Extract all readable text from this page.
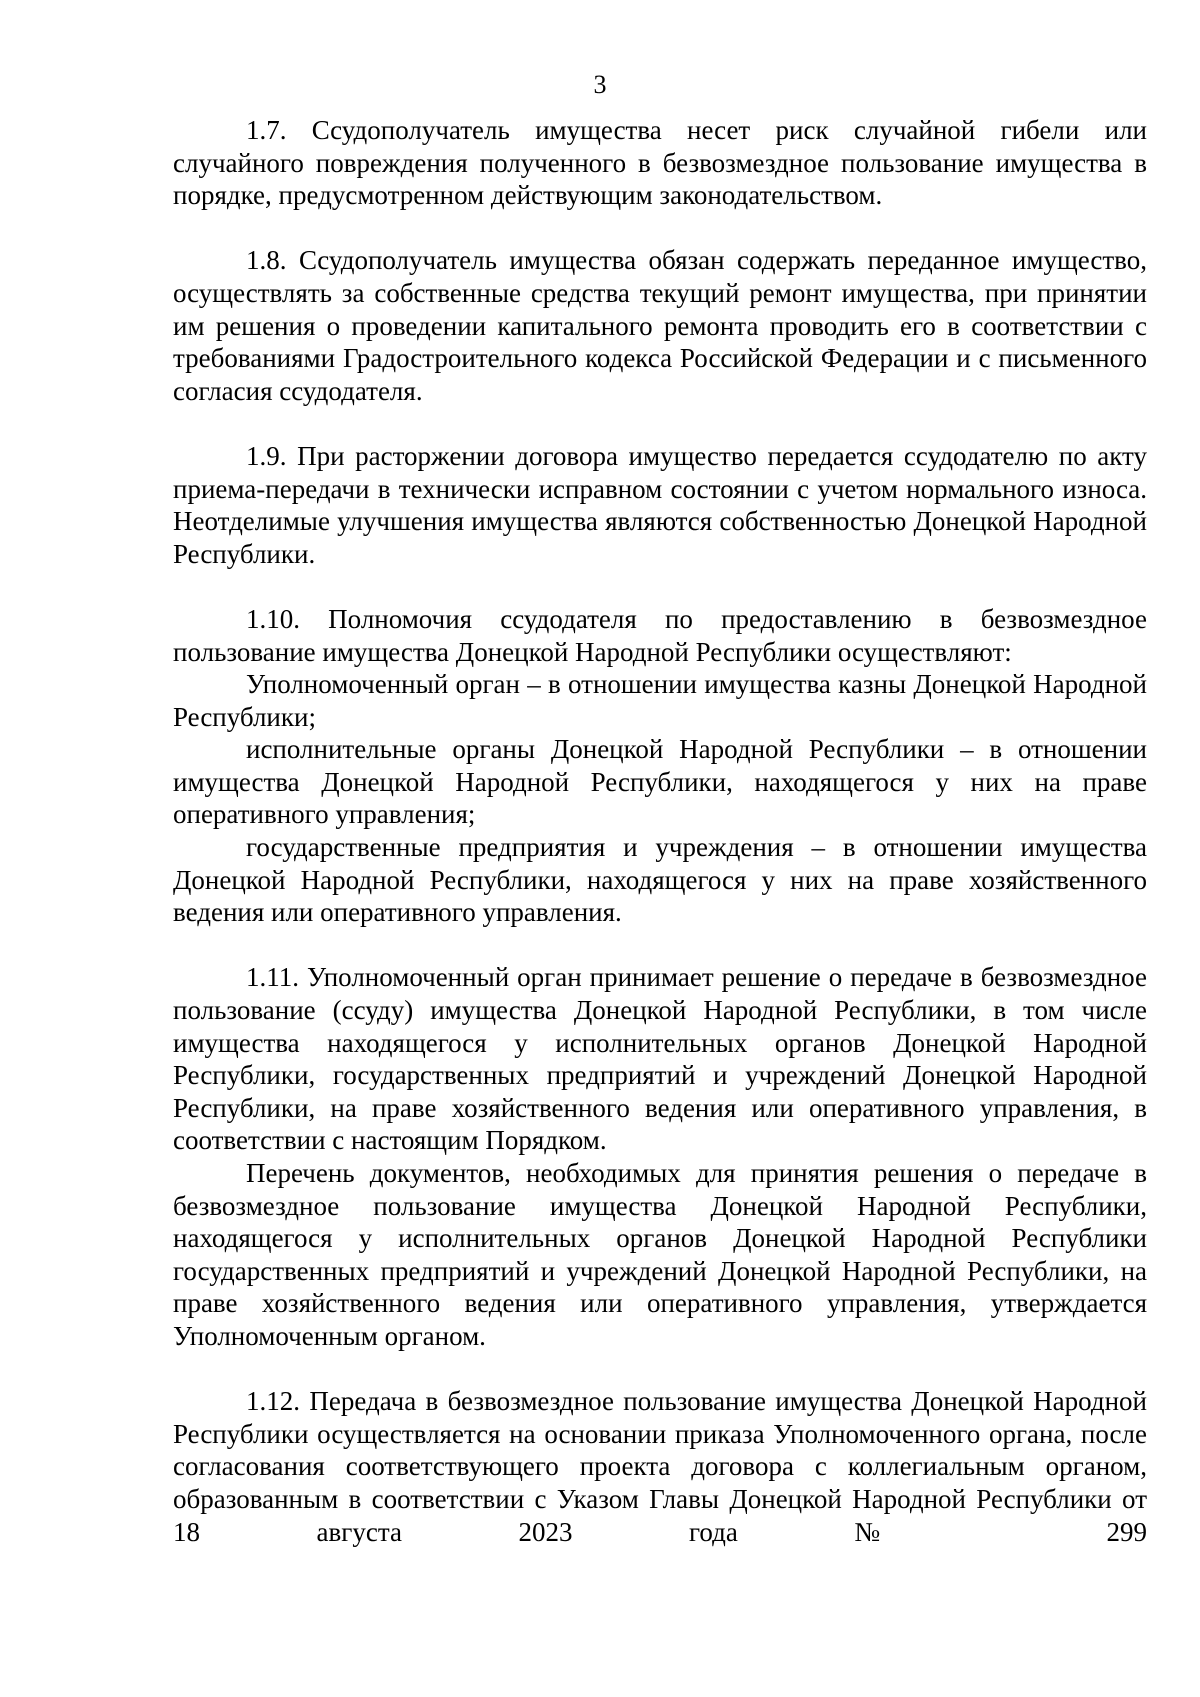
3

1.7. Ссудополучатель имущества несет риск случайной гибели или случайного повреждения полученного в безвозмездное пользование имущества в порядке, предусмотренном действующим законодательством.

1.8. Ссудополучатель имущества обязан содержать переданное имущество, осуществлять за собственные средства текущий ремонт имущества, при принятии им решения о проведении капитального ремонта проводить его в соответствии с требованиями Градостроительного кодекса Российской Федерации и с письменного согласия ссудодателя.

1.9. При расторжении договора имущество передается ссудодателю по акту приема-передачи в технически исправном состоянии с учетом нормального износа. Неотделимые улучшения имущества являются собственностью Донецкой Народной Республики.

1.10. Полномочия ссудодателя по предоставлению в безвозмездное пользование имущества Донецкой Народной Республики осуществляют:

Уполномоченный орган – в отношении имущества казны Донецкой Народной Республики;

исполнительные органы Донецкой Народной Республики – в отношении имущества Донецкой Народной Республики, находящегося у них на праве оперативного управления;

государственные предприятия и учреждения – в отношении имущества Донецкой Народной Республики, находящегося у них на праве хозяйственного ведения или оперативного управления.

1.11. Уполномоченный орган принимает решение о передаче в безвозмездное пользование (ссуду) имущества Донецкой Народной Республики, в том числе имущества находящегося у исполнительных органов Донецкой Народной Республики, государственных предприятий и учреждений Донецкой Народной Республики, на праве хозяйственного ведения или оперативного управления, в соответствии с настоящим Порядком.

Перечень документов, необходимых для принятия решения о передаче в безвозмездное пользование имущества Донецкой Народной Республики, находящегося у исполнительных органов Донецкой Народной Республики государственных предприятий и учреждений Донецкой Народной Республики, на праве хозяйственного ведения или оперативного управления, утверждается Уполномоченным органом.

1.12. Передача в безвозмездное пользование имущества Донецкой Народной Республики осуществляется на основании приказа Уполномоченного органа, после согласования соответствующего проекта договора с коллегиальным органом, образованным в соответствии с Указом Главы Донецкой Народной Республики от 18 августа 2023 года № 299
